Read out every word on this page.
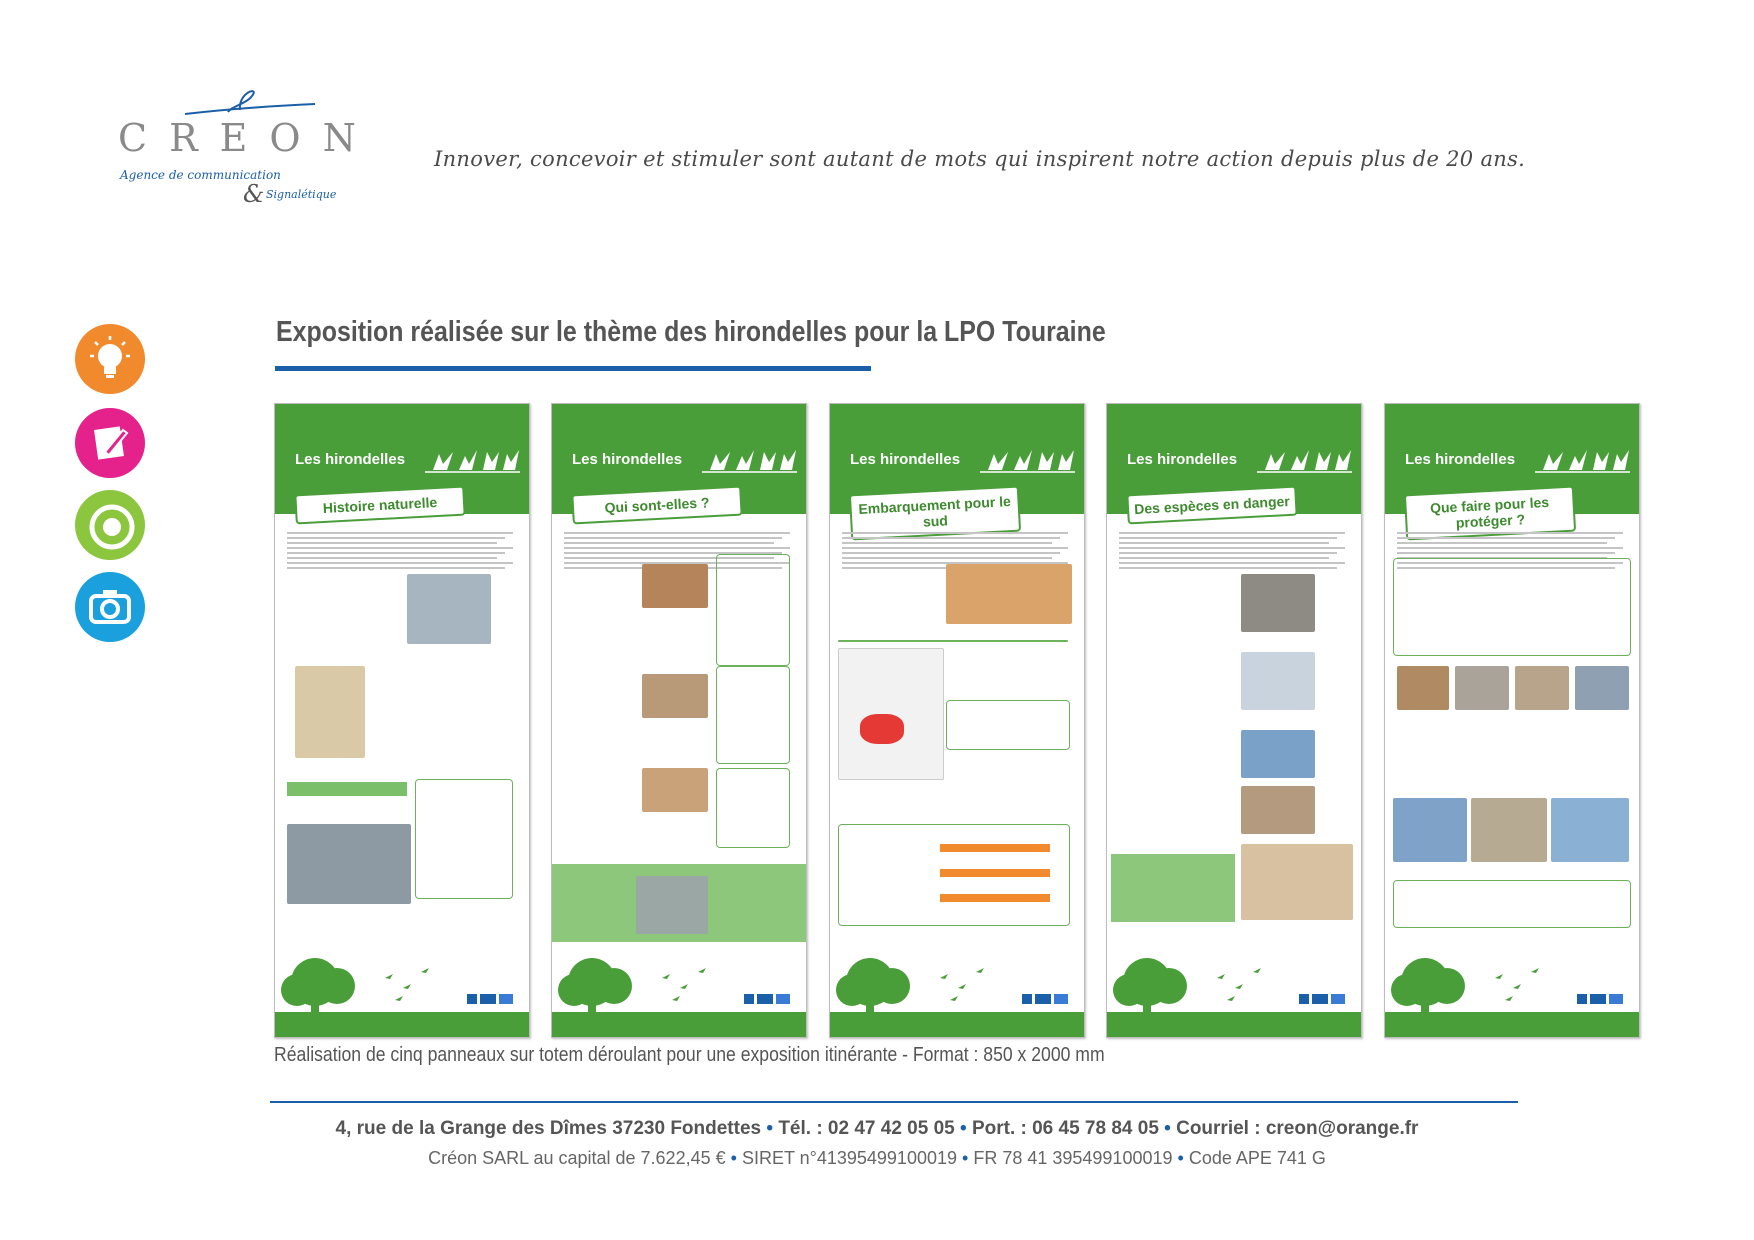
CREON
Agence de communication
& Signalétique
Innover, concevoir et stimuler sont autant de mots qui inspirent notre action depuis plus de 20 ans.
Exposition réalisée sur le thème des hirondelles pour la LPO Touraine
Les hirondelles
Histoire naturelle
Les hirondelles
Qui sont-elles ?
Les hirondelles
Embarquement pour le sud
Les hirondelles
Des espèces en danger
Les hirondelles
Que faire pour les protéger ?
Réalisation de cinq panneaux sur totem déroulant pour une exposition itinérante - Format : 850 x 2000 mm
4, rue de la Grange des Dîmes 37230 Fondettes • Tél. : 02 47 42 05 05 • Port. : 06 45 78 84 05 • Courriel : creon@orange.fr
Créon SARL au capital de 7.622,45 € • SIRET n°41395499100019 • FR 78 41 395499100019 • Code APE 741 G
